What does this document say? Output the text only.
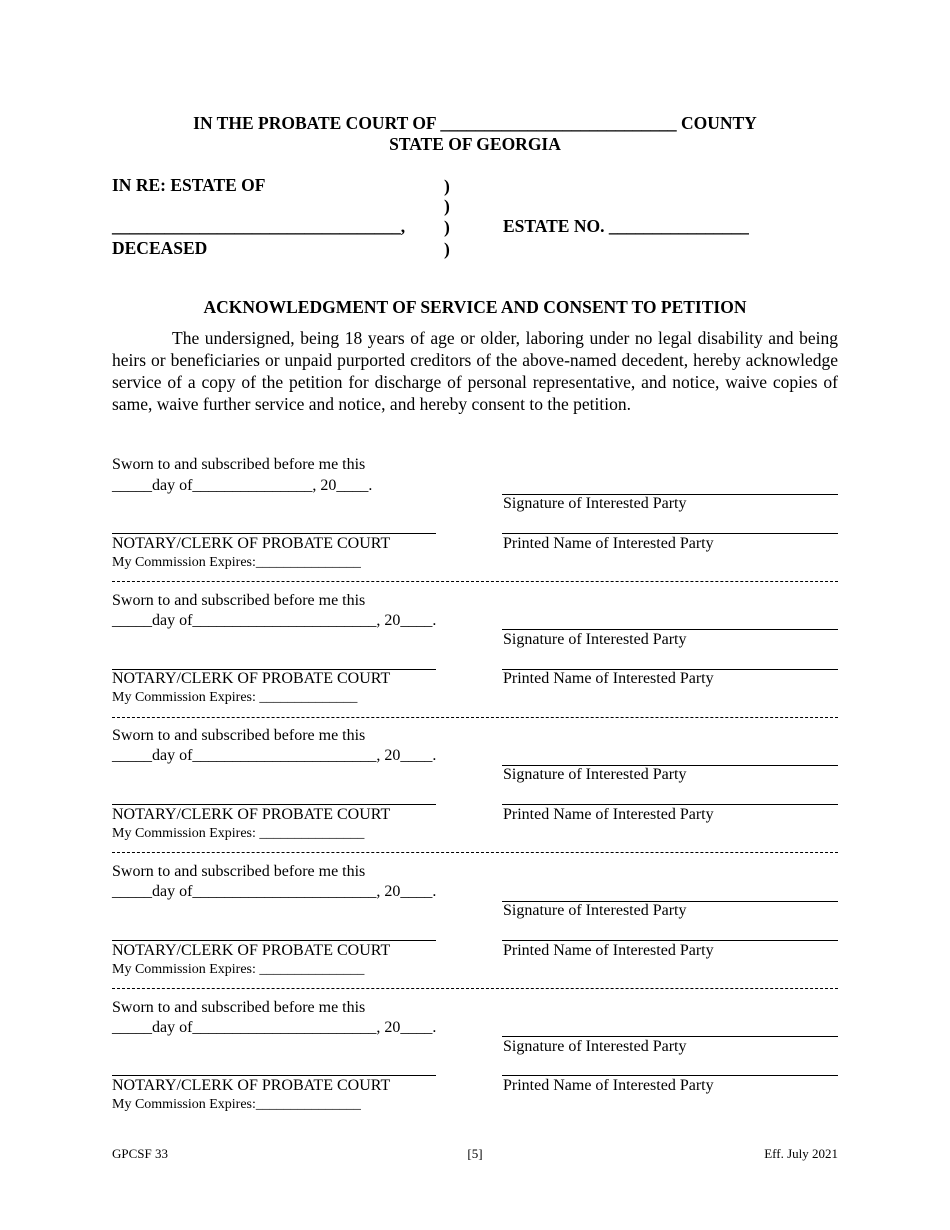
IN THE PROBATE COURT OF ___________________________ COUNTY
STATE OF GEORGIA
IN RE: ESTATE OF
_________________________________,
DECEASED
)
)
)
)
ESTATE NO. ________________
ACKNOWLEDGMENT OF SERVICE AND CONSENT TO PETITION

The undersigned, being 18 years of age or older, laboring under no legal disability and being heirs or beneficiaries or unpaid purported creditors of the above-named decedent, hereby acknowledge service of a copy of the petition for discharge of personal representative, and notice, waive copies of same, waive further service and notice, and hereby consent to the petition.

Sworn to and subscribed before me this
_____day of_______________, 20____.
Signature of Interested Party
NOTARY/CLERK OF PROBATE COURT	Printed Name of Interested Party
My Commission Expires:_______________
Sworn to and subscribed before me this
_____day of_______________________, 20____.
Signature of Interested Party
NOTARY/CLERK OF PROBATE COURT	Printed Name of Interested Party
My Commission Expires: ______________
Sworn to and subscribed before me this
_____day of_______________________, 20____.
Signature of Interested Party
NOTARY/CLERK OF PROBATE COURT	Printed Name of Interested Party
My Commission Expires: _______________
Sworn to and subscribed before me this
_____day of_______________________, 20____.
Signature of Interested Party
NOTARY/CLERK OF PROBATE COURT	Printed Name of Interested Party
My Commission Expires: _______________
Sworn to and subscribed before me this
_____day of_______________________, 20____.
Signature of Interested Party
NOTARY/CLERK OF PROBATE COURT	Printed Name of Interested Party
My Commission Expires:_______________
GPCSF 33	[5]	Eff. July 2021
